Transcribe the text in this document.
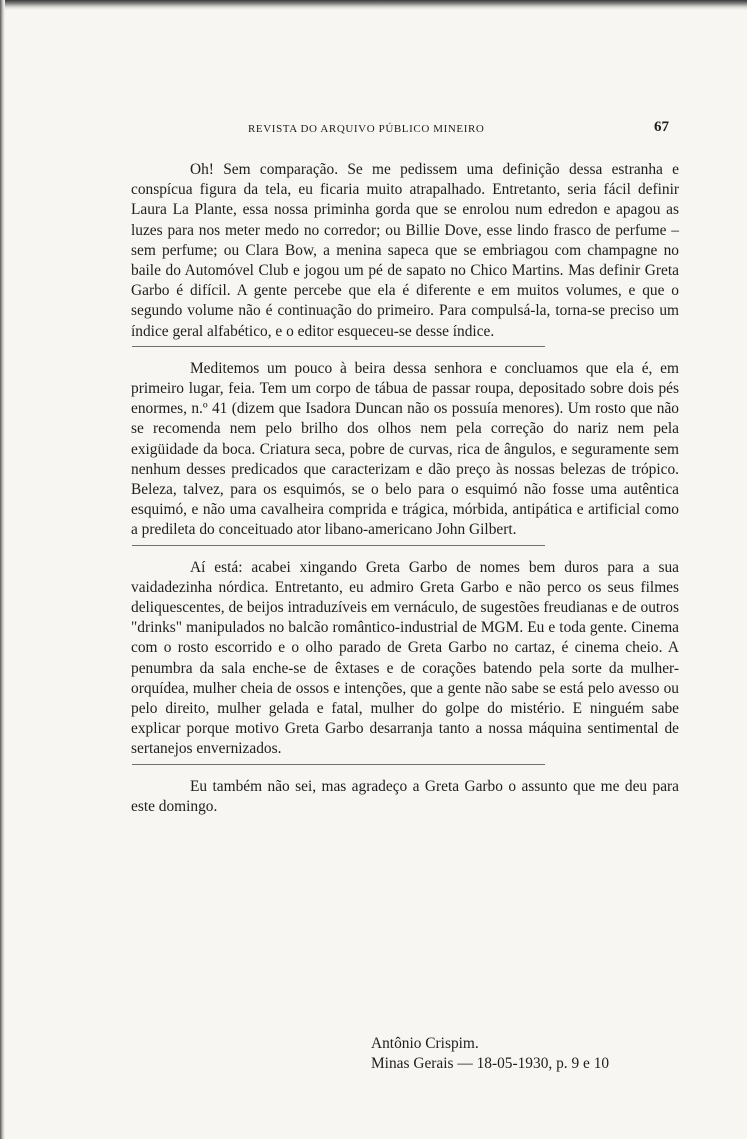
REVISTA DO ARQUIVO PÚBLICO MINEIRO	67

Oh! Sem comparação. Se me pedissem uma definição dessa estranha e conspícua figura da tela, eu ficaria muito atrapalhado. Entretanto, seria fácil definir Laura La Plante, essa nossa priminha gorda que se enrolou num edredon e apagou as luzes para nos meter medo no corredor; ou Billie Dove, esse lindo frasco de perfume – sem perfume; ou Clara Bow, a menina sapeca que se embriagou com champagne no baile do Automóvel Club e jogou um pé de sapato no Chico Martins. Mas definir Greta Garbo é difícil. A gente percebe que ela é diferente e em muitos volumes, e que o segundo volume não é continuação do primeiro. Para compulsá-la, torna-se preciso um índice geral alfabético, e o editor esqueceu-se desse índice.

Meditemos um pouco à beira dessa senhora e concluamos que ela é, em primeiro lugar, feia. Tem um corpo de tábua de passar roupa, depositado sobre dois pés enormes, n.º 41 (dizem que Isadora Duncan não os possuía menores). Um rosto que não se recomenda nem pelo brilho dos olhos nem pela correção do nariz nem pela exigüidade da boca. Criatura seca, pobre de curvas, rica de ângulos, e seguramente sem nenhum desses predicados que caracterizam e dão preço às nossas belezas de trópico. Beleza, talvez, para os esquimós, se o belo para o esquimó não fosse uma autêntica esquimó, e não uma cavalheira comprida e trágica, mórbida, antipática e artificial como a predileta do conceituado ator libano-americano John Gilbert.

Aí está: acabei xingando Greta Garbo de nomes bem duros para a sua vaidadezinha nórdica. Entretanto, eu admiro Greta Garbo e não perco os seus filmes deliquescentes, de beijos intraduzíveis em vernáculo, de sugestões freudianas e de outros "drinks" manipulados no balcão romântico-industrial de MGM. Eu e toda gente. Cinema com o rosto escorrido e o olho parado de Greta Garbo no cartaz, é cinema cheio. A penumbra da sala enche-se de êxtases e de corações batendo pela sorte da mulher-orquídea, mulher cheia de ossos e intenções, que a gente não sabe se está pelo avesso ou pelo direito, mulher gelada e fatal, mulher do golpe do mistério. E ninguém sabe explicar porque motivo Greta Garbo desarranja tanto a nossa máquina sentimental de sertanejos envernizados.

Eu também não sei, mas agradeço a Greta Garbo o assunto que me deu para este domingo.

Antônio Crispim.
Minas Gerais — 18-05-1930, p. 9 e 10
